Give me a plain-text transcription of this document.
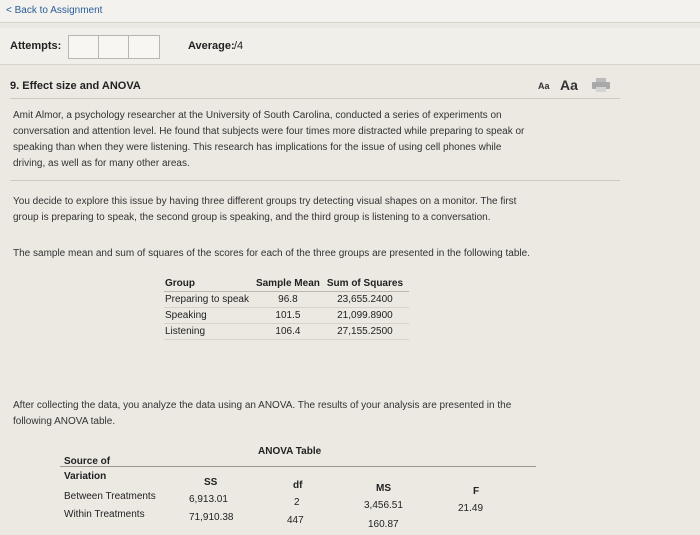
< Back to Assignment
Attempts:	Average: /4
9. Effect size and ANOVA	Aa Aa
Amit Almor, a psychology researcher at the University of South Carolina, conducted a series of experiments on
conversation and attention level. He found that subjects were four times more distracted while preparing to speak or
speaking than when they were listening. This research has implications for the issue of using cell phones while
driving, as well as for many other areas.
You decide to explore this issue by having three different groups try detecting visual shapes on a monitor. The first
group is preparing to speak, the second group is speaking, and the third group is listening to a conversation.
The sample mean and sum of squares of the scores for each of the three groups are presented in the following table.
Group	Sample Mean	Sum of Squares
Preparing to speak	96.8	23,655.2400
Speaking	101.5	21,099.8900
Listening	106.4	27,155.2500
After collecting the data, you analyze the data using an ANOVA. The results of your analysis are presented in the
following ANOVA table.
ANOVA Table
Source of
Variation
SS	df	MS	F
Between Treatments	6,913.01	2	3,456.51	21.49
Within Treatments	71,910.38	447	160.87
